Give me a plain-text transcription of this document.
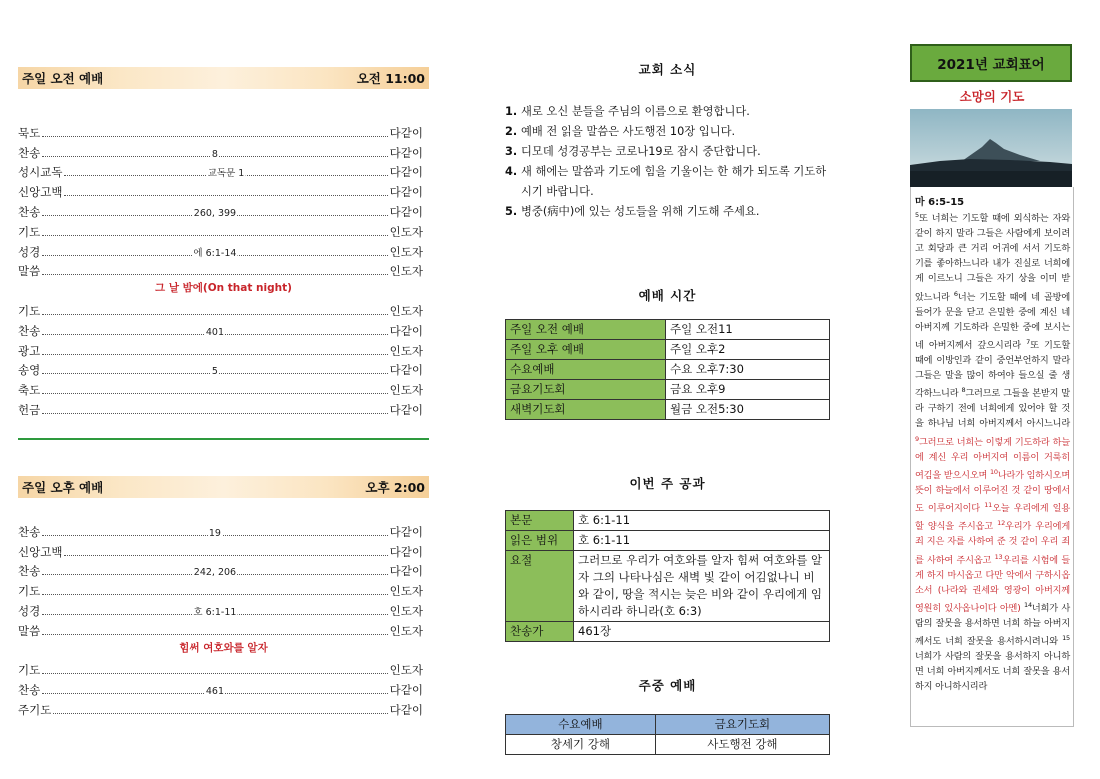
주일 오전 예배	오전 11:00
묵도	다같이
찬송	8	다같이
성시교독	교독문 1	다같이
신앙고백	다같이
찬송	260, 399	다같이
기도	인도자
성경	에 6:1-14	인도자
말씀	인도자
그 날 밤에(On that night)
기도	인도자
찬송	401	다같이
광고	인도자
송영	5	다같이
축도	인도자
헌금	다같이
주일 오후 예배	오후 2:00
찬송	19	다같이
신앙고백	다같이
찬송	242, 206	다같이
기도	인도자
성경	호 6:1-11	인도자
말씀	인도자
힘써 여호와를 알자
기도	인도자
찬송	461	다같이
주기도	다같이
교회 소식
1. 새로 오신 분들을 주님의 이름으로 환영합니다.
2. 예배 전 읽을 말씀은 사도행전 10장 입니다.
3. 디모데 성경공부는 코로나19로 잠시 중단합니다.
4. 새 해에는 말씀과 기도에 힘을 기울이는 한 해가 되도록 기도하시기 바랍니다.
5. 병중(病中)에 있는 성도들을 위해 기도해 주세요.
예배 시간
주일 오전 예배	주일 오전11
주일 오후 예배	주일 오후2
수요예배	수요 오후7:30
금요기도회	금요 오후9
새벽기도회	월금 오전5:30
이번 주 공과
본문	호 6:1-11
읽은 범위	호 6:1-11
요절	그러므로 우리가 여호와를 알자 힘써 여호와를 알자 그의 나타나심은 새벽 빛 같이 어김없나니 비와 같이, 땅을 적시는 늦은 비와 같이 우리에게 임하시리라 하니라(호 6:3)
찬송가	461장
주중 예배
수요예배	금요기도회
창세기 강해	사도행전 강해
2021년 교회표어
소망의 기도
마 6:5-15
$^5$또 너희는 기도할 때에 외식하는 자와 같이 하지 말라 그들은 사람에게 보이려고 회당과 큰 거리 어귀에 서서 기도하기를 좋아하느니라 내가 진실로 너희에게 이르노니 그들은 자기 상을 이미 받았느니라 $^6$너는 기도할 때에 네 골방에 들어가 문을 닫고 은밀한 중에 계신 네 아버지께 기도하라 은밀한 중에 보시는 네 아버지께서 갚으시리라 $^7$또 기도할 때에 이방인과 같이 중언부언하지 말라 그들은 말을 많이 하여야 들으실 줄 생각하느니라 $^8$그러므로 그들을 본받지 말라 구하기 전에 너희에게 있어야 할 것을 하나님 너희 아버지께서 아시느니라 $^9$그러므로 너희는 이렇게 기도하라 하늘에 계신 우리 아버지여 이름이 거룩히 여김을 받으시오며 $^{10}$나라가 임하시오며 뜻이 하늘에서 이루어진 것 같이 땅에서도 이루어지이다 $^{11}$오늘 우리에게 일용할 양식을 주시옵고 $^{12}$우리가 우리에게 죄 지은 자를 사하여 준 것 같이 우리 죄를 사하여 주시옵고 $^{13}$우리를 시험에 들게 하지 마시옵고 다만 악에서 구하시옵소서 (나라와 권세와 영광이 아버지께 영원히 있사옵나이다 아멘) $^{14}$너희가 사람의 잘못을 용서하면 너희 하늘 아버지께서도 너희 잘못을 용서하시려니와 $^{15}$너희가 사람의 잘못을 용서하지 아니하면 너희 아버지께서도 너희 잘못을 용서하지 아니하시리라
